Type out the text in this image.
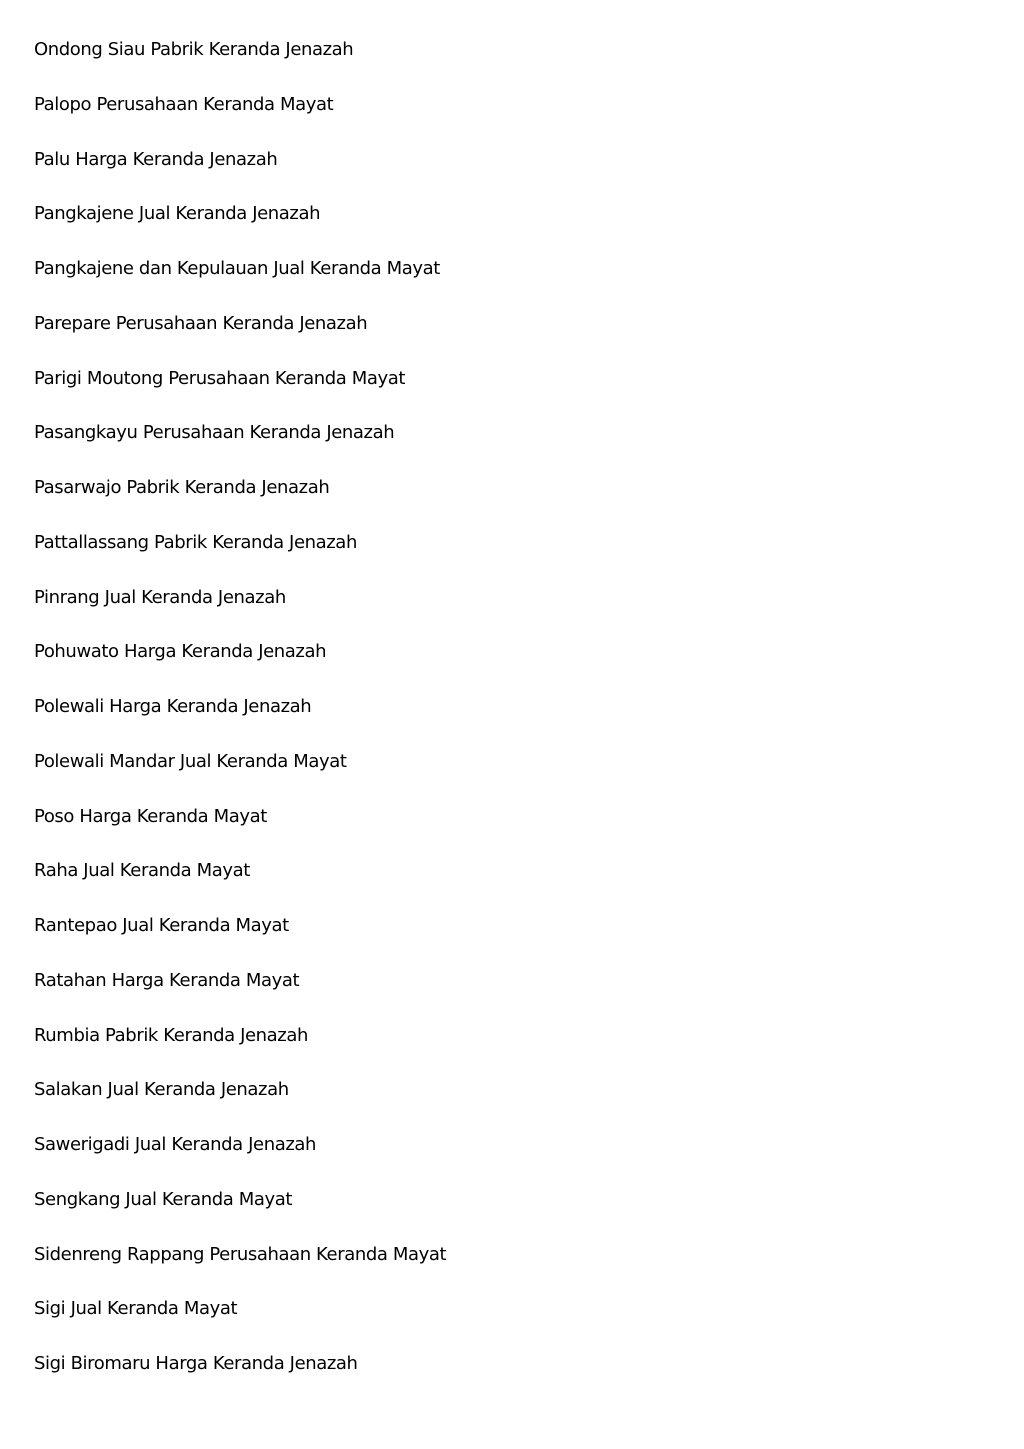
Ondong Siau Pabrik Keranda Jenazah
Palopo Perusahaan Keranda Mayat
Palu Harga Keranda Jenazah
Pangkajene Jual Keranda Jenazah
Pangkajene dan Kepulauan Jual Keranda Mayat
Parepare Perusahaan Keranda Jenazah
Parigi Moutong Perusahaan Keranda Mayat
Pasangkayu Perusahaan Keranda Jenazah
Pasarwajo Pabrik Keranda Jenazah
Pattallassang Pabrik Keranda Jenazah
Pinrang Jual Keranda Jenazah
Pohuwato Harga Keranda Jenazah
Polewali Harga Keranda Jenazah
Polewali Mandar Jual Keranda Mayat
Poso Harga Keranda Mayat
Raha Jual Keranda Mayat
Rantepao Jual Keranda Mayat
Ratahan Harga Keranda Mayat
Rumbia Pabrik Keranda Jenazah
Salakan Jual Keranda Jenazah
Sawerigadi Jual Keranda Jenazah
Sengkang Jual Keranda Mayat
Sidenreng Rappang Perusahaan Keranda Mayat
Sigi Jual Keranda Mayat
Sigi Biromaru Harga Keranda Jenazah
